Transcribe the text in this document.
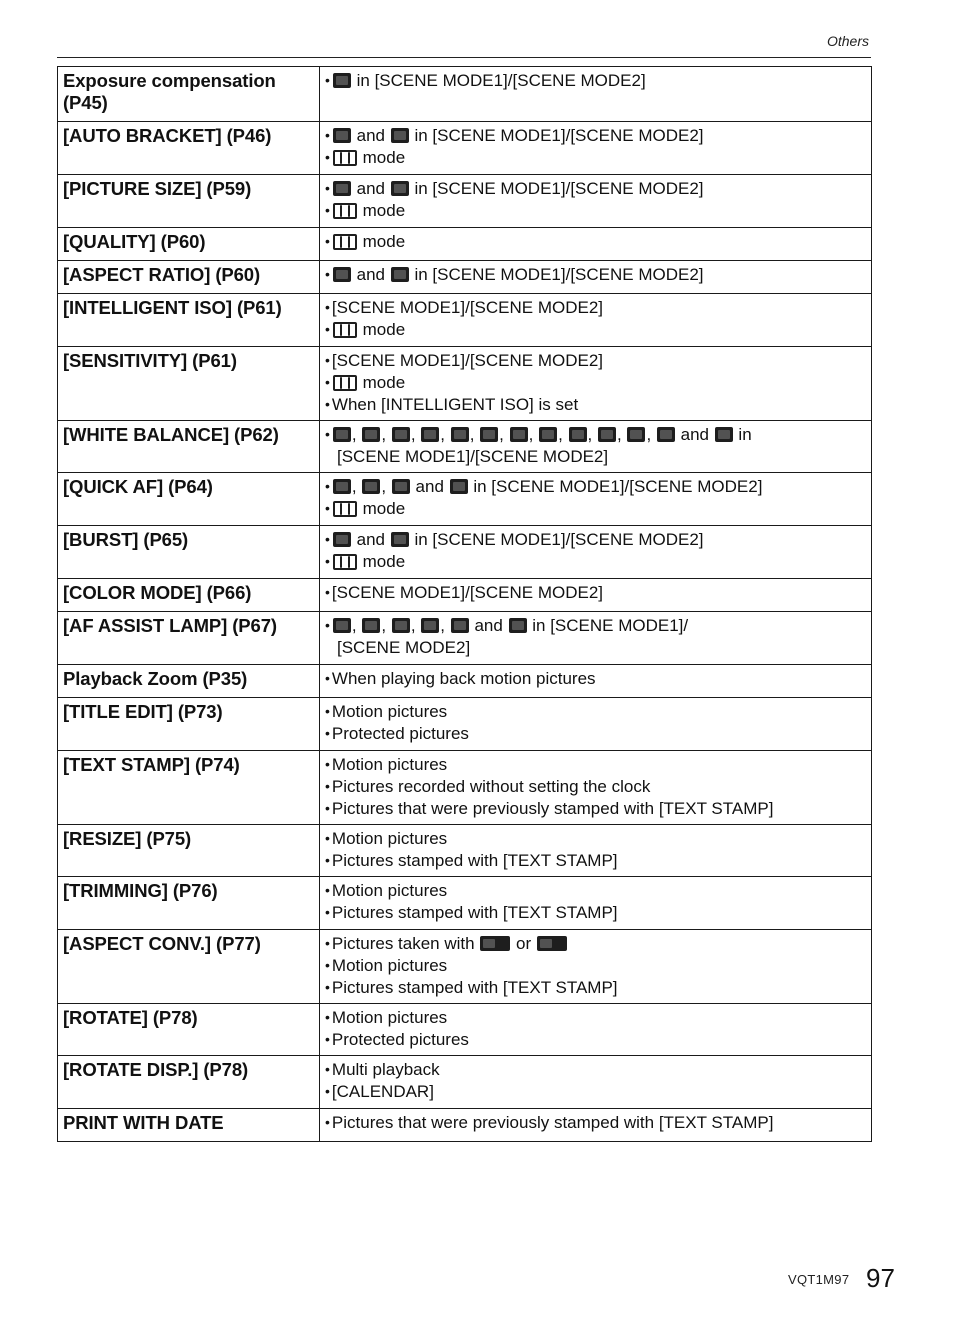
Others
Exposure compensation (P45)	• in [SCENE MODE1]/[SCENE MODE2]

[AUTO BRACKET] (P46)	• and  in [SCENE MODE1]/[SCENE MODE2]
• mode

[PICTURE SIZE] (P59)	• and  in [SCENE MODE1]/[SCENE MODE2]
• mode

[QUALITY] (P60)	• mode

[ASPECT RATIO] (P60)	• and  in [SCENE MODE1]/[SCENE MODE2]

[INTELLIGENT ISO] (P61)	• [SCENE MODE1]/[SCENE MODE2]
• mode

[SENSITIVITY] (P61)	• [SCENE MODE1]/[SCENE MODE2]
• mode
• When [INTELLIGENT ISO] is set

[WHITE BALANCE] (P62)	• , , , , , , , , , , ,  and  in
[SCENE MODE1]/[SCENE MODE2]

[QUICK AF] (P64)	• , ,  and  in [SCENE MODE1]/[SCENE MODE2]
• mode

[BURST] (P65)	• and  in [SCENE MODE1]/[SCENE MODE2]
• mode

[COLOR MODE] (P66)	• [SCENE MODE1]/[SCENE MODE2]

[AF ASSIST LAMP] (P67)	• , , , ,  and  in [SCENE MODE1]/
[SCENE MODE2]

Playback Zoom (P35)	• When playing back motion pictures

[TITLE EDIT] (P73)	• Motion pictures
• Protected pictures

[TEXT STAMP] (P74)	• Motion pictures
• Pictures recorded without setting the clock
• Pictures that were previously stamped with [TEXT STAMP]

[RESIZE] (P75)	• Motion pictures
• Pictures stamped with [TEXT STAMP]

[TRIMMING] (P76)	• Motion pictures
• Pictures stamped with [TEXT STAMP]

[ASPECT CONV.] (P77)	• Pictures taken with  or
• Motion pictures
• Pictures stamped with [TEXT STAMP]

[ROTATE] (P78)	• Motion pictures
• Protected pictures

[ROTATE DISP.] (P78)	• Multi playback
• [CALENDAR]

PRINT WITH DATE	• Pictures that were previously stamped with [TEXT STAMP]
VQT1M97 97
